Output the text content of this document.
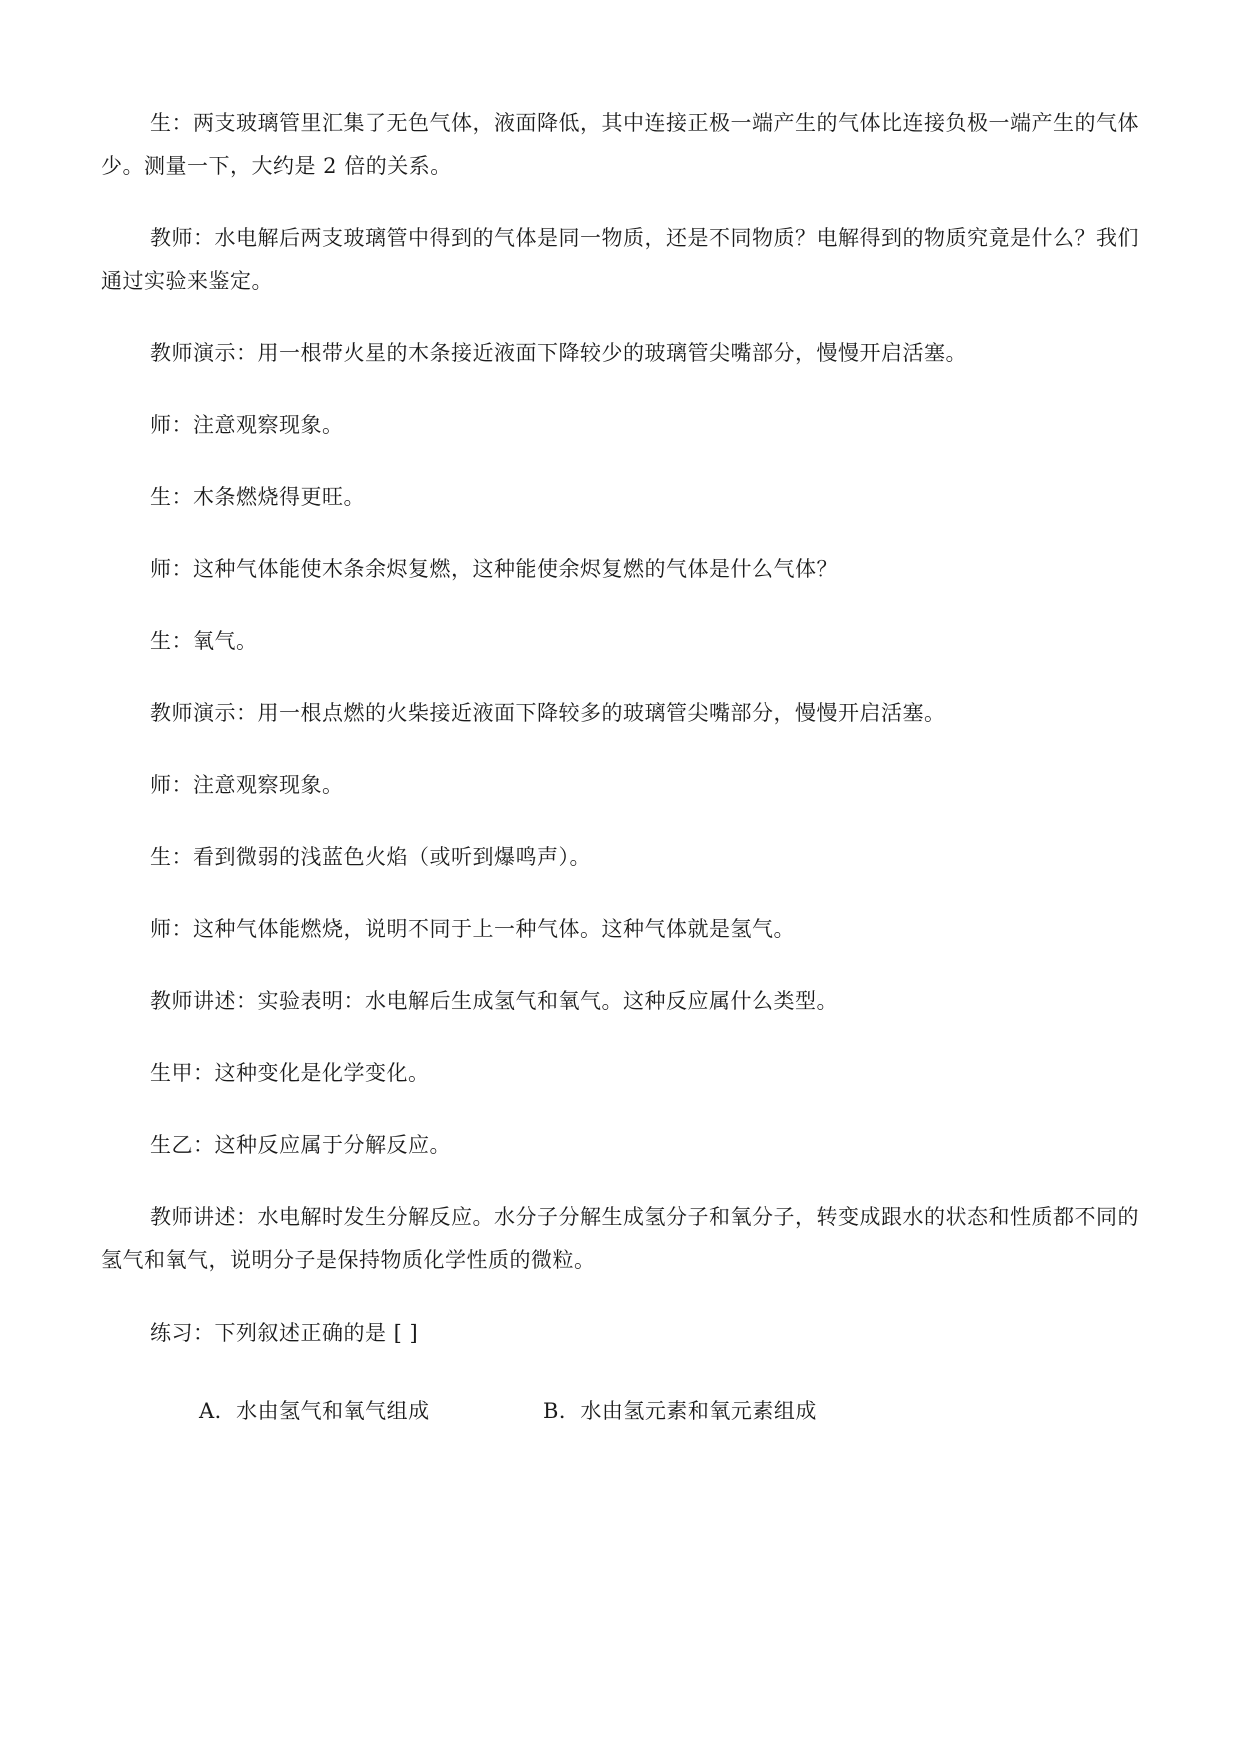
生：两支玻璃管里汇集了无色气体，液面降低，其中连接正极一端产生的气体比连接负极一端产生的气体少。测量一下，大约是 2 倍的关系。

教师：水电解后两支玻璃管中得到的气体是同一物质，还是不同物质？电解得到的物质究竟是什么？我们通过实验来鉴定。

教师演示：用一根带火星的木条接近液面下降较少的玻璃管尖嘴部分，慢慢开启活塞。

师：注意观察现象。

生：木条燃烧得更旺。

师：这种气体能使木条余烬复燃，这种能使余烬复燃的气体是什么气体？

生：氧气。

教师演示：用一根点燃的火柴接近液面下降较多的玻璃管尖嘴部分，慢慢开启活塞。

师：注意观察现象。

生：看到微弱的浅蓝色火焰（或听到爆鸣声）。

师：这种气体能燃烧，说明不同于上一种气体。这种气体就是氢气。

教师讲述：实验表明：水电解后生成氢气和氧气。这种反应属什么类型。

生甲：这种变化是化学变化。

生乙：这种反应属于分解反应。

教师讲述：水电解时发生分解反应。水分子分解生成氢分子和氧分子，转变成跟水的状态和性质都不同的氢气和氧气，说明分子是保持物质化学性质的微粒。

练习：下列叙述正确的是 [ ]

A．水由氢气和氧气组成	B．水由氢元素和氧元素组成
